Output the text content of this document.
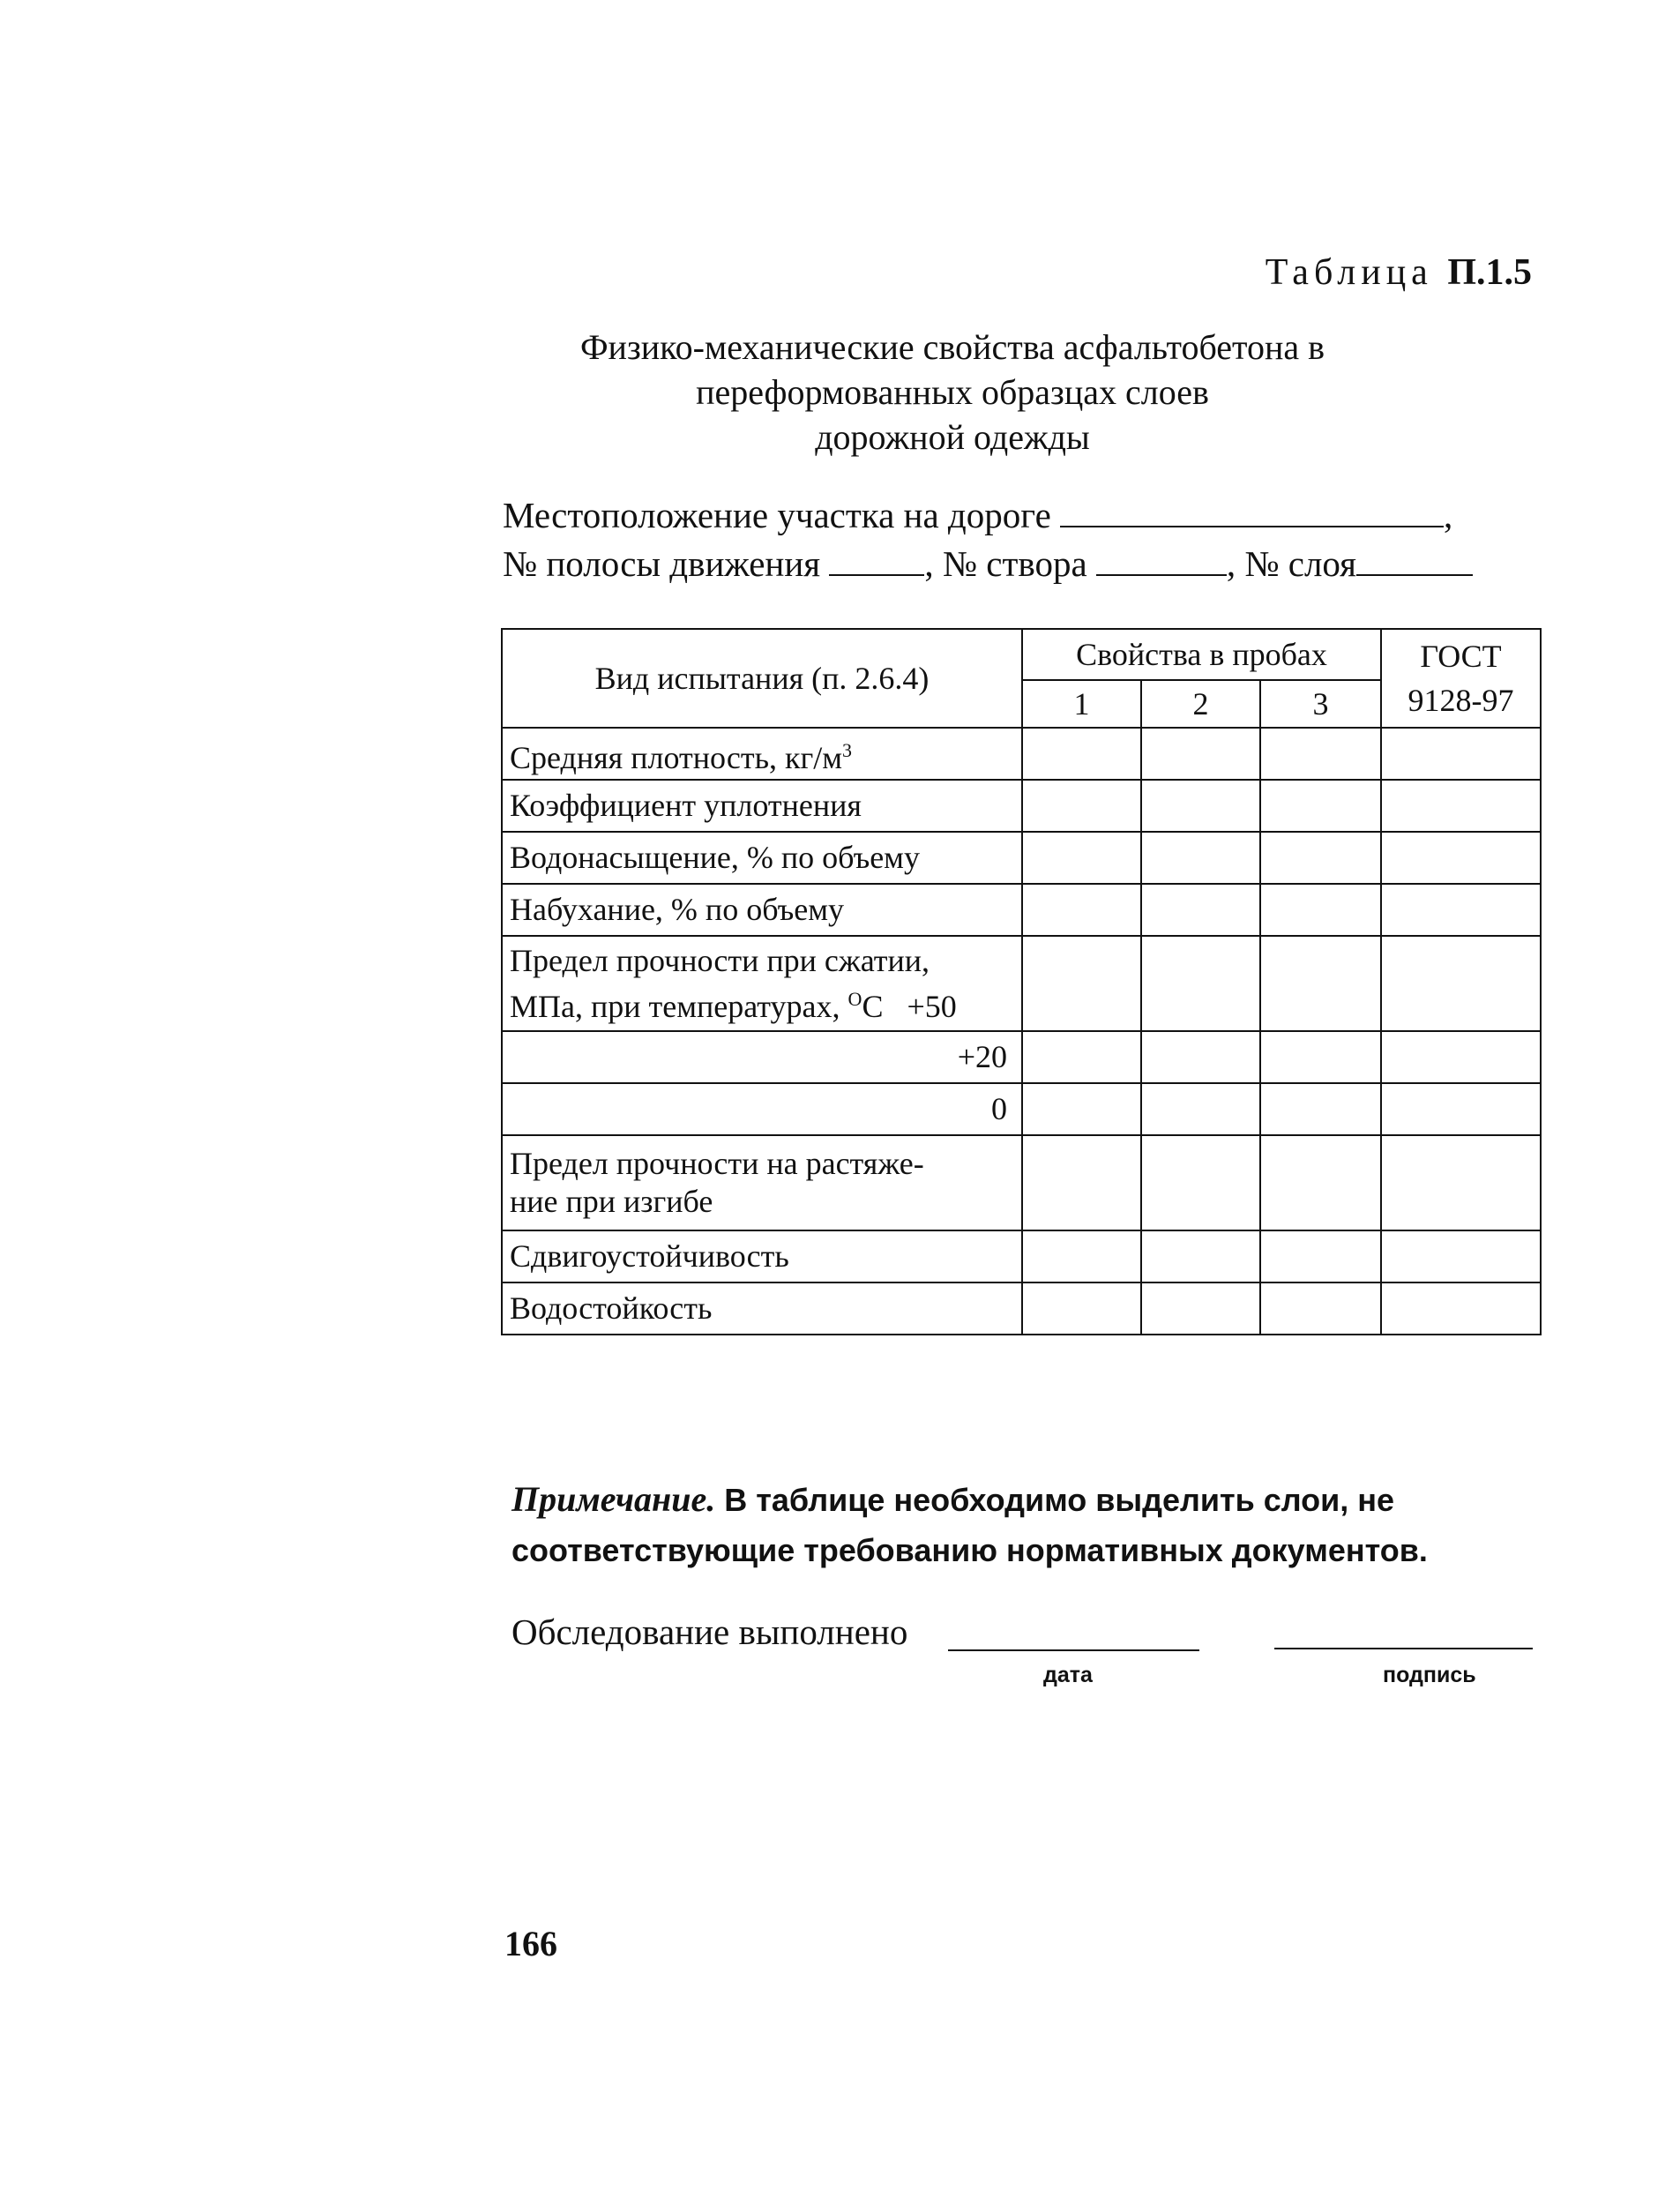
Таблица П.1.5
Физико-механические свойства асфальтобетона в
переформованных образцах слоев
дорожной одежды
Местоположение участка на дороге	,
№ полосы движения	, № створа	, № слоя
Вид испытания (п. 2.6.4)	Свойства в пробах			ГОСТ 9128-97
	1	2	3	
Средняя плотность, $кг/м^3$				
Коэффициент уплотнения				
Водонасыщение, % по объему				
Набухание, % по объему				

Предел прочности при сжатии,
МПа, при температурах, $^O$С   +50				

+20				
0				

Предел прочности на растяже-
ние при изгибе				

Сдвигоустойчивость				
Водостойкость				
Примечание. В таблице необходимо выделить слои, не соответствующие требованию нормативных документов.
Обследование выполнено
дата	подпись
166
